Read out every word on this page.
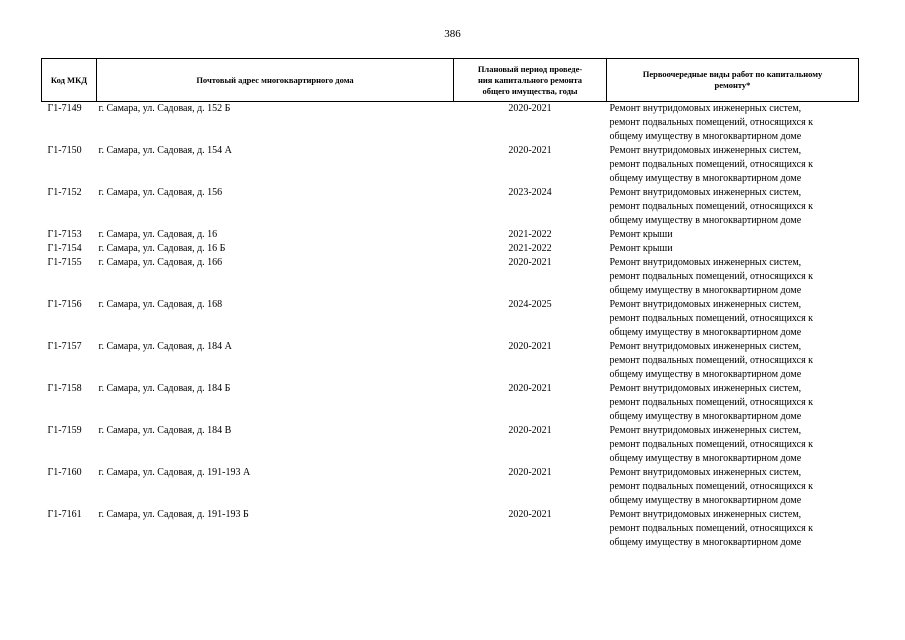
386
Код МКД	Почтовый адрес многоквартирного дома	Плановый период проведе-
ния капитального ремонта
общего имущества, годы	Первоочередные виды работ по капитальному
ремонту*

Г1-7149	г. Самара, ул. Садовая, д. 152 Б	2020-2021	Ремонт внутридомовых инженерных систем,
ремонт подвальных помещений, относящихся к
общему имуществу в многоквартирном доме

Г1-7150	г. Самара, ул. Садовая, д. 154 А	2020-2021	Ремонт внутридомовых инженерных систем,
ремонт подвальных помещений, относящихся к
общему имуществу в многоквартирном доме

Г1-7152	г. Самара, ул. Садовая, д. 156	2023-2024	Ремонт внутридомовых инженерных систем,
ремонт подвальных помещений, относящихся к
общему имуществу в многоквартирном доме

Г1-7153	г. Самара, ул. Садовая, д. 16	2021-2022	Ремонт крыши

Г1-7154	г. Самара, ул. Садовая, д. 16 Б	2021-2022	Ремонт крыши

Г1-7155	г. Самара, ул. Садовая, д. 166	2020-2021	Ремонт внутридомовых инженерных систем,
ремонт подвальных помещений, относящихся к
общему имуществу в многоквартирном доме

Г1-7156	г. Самара, ул. Садовая, д. 168	2024-2025	Ремонт внутридомовых инженерных систем,
ремонт подвальных помещений, относящихся к
общему имуществу в многоквартирном доме

Г1-7157	г. Самара, ул. Садовая, д. 184 А	2020-2021	Ремонт внутридомовых инженерных систем,
ремонт подвальных помещений, относящихся к
общему имуществу в многоквартирном доме

Г1-7158	г. Самара, ул. Садовая, д. 184 Б	2020-2021	Ремонт внутридомовых инженерных систем,
ремонт подвальных помещений, относящихся к
общему имуществу в многоквартирном доме

Г1-7159	г. Самара, ул. Садовая, д. 184 В	2020-2021	Ремонт внутридомовых инженерных систем,
ремонт подвальных помещений, относящихся к
общему имуществу в многоквартирном доме

Г1-7160	г. Самара, ул. Садовая, д. 191-193 А	2020-2021	Ремонт внутридомовых инженерных систем,
ремонт подвальных помещений, относящихся к
общему имуществу в многоквартирном доме

Г1-7161	г. Самара, ул. Садовая, д. 191-193 Б	2020-2021	Ремонт внутридомовых инженерных систем,
ремонт подвальных помещений, относящихся к
общему имуществу в многоквартирном доме
